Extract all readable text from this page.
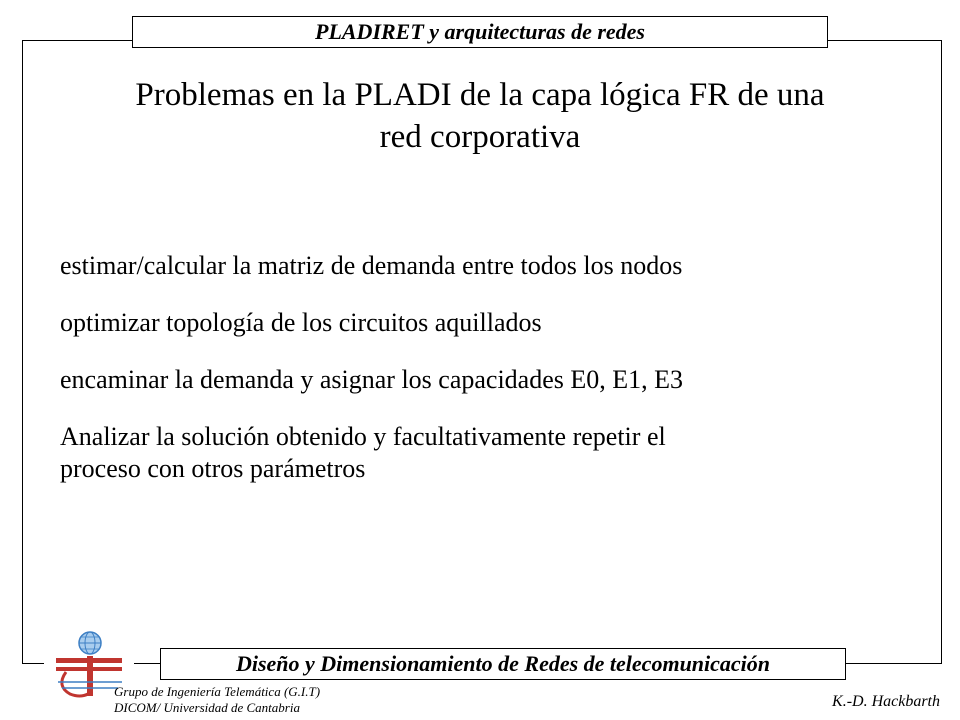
PLADIRET y arquitecturas de redes
Problemas en la PLADI de la capa lógica FR de una
red corporativa
estimar/calcular la matriz de demanda entre todos los nodos
optimizar topología de los circuitos aquillados
encaminar la demanda y asignar los capacidades E0, E1, E3
Analizar la solución obtenido y facultativamente repetir el
proceso con otros parámetros
Diseño y Dimensionamiento de Redes de telecomunicación
Grupo de Ingeniería Telemática (G.I.T)
DICOM/ Universidad de Cantabria	K.-D. Hackbarth
